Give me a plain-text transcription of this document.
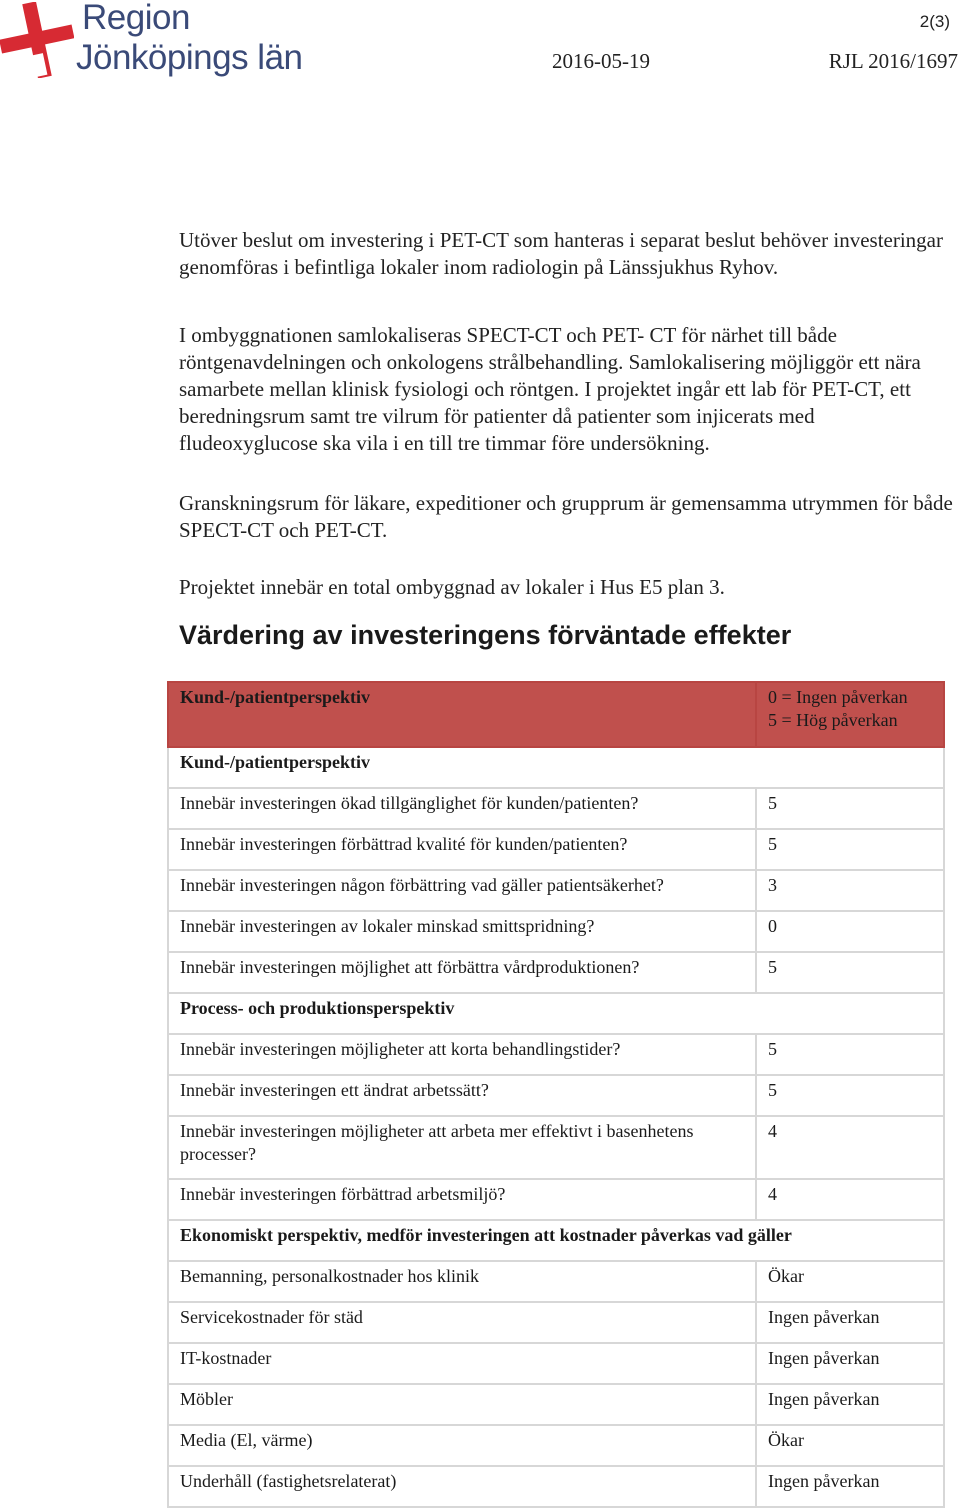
Region
Jönköpings län
2(3)
2016-05-19	RJL 2016/1697

Utöver beslut om investering i PET-CT som hanteras i separat beslut behöver investeringar genomföras i befintliga lokaler inom radiologin på Länssjukhus Ryhov.

I ombyggnationen samlokaliseras SPECT-CT och PET- CT för närhet till både röntgenavdelningen och onkologens strålbehandling. Samlokalisering möjliggör ett nära samarbete mellan klinisk fysiologi och röntgen. I projektet ingår ett lab för PET-CT, ett beredningsrum samt tre vilrum för patienter då patienter som injicerats med fludeoxyglucose ska vila i en till tre timmar före undersökning.

Granskningsrum för läkare, expeditioner och grupprum är gemensamma utrymmen för både SPECT-CT och PET-CT.

Projektet innebär en total ombyggnad av lokaler i Hus E5 plan 3.

Värdering av investeringens förväntade effekter
Kund-/patientperspektiv	0 = Ingen påverkan
5 = Hög påverkan

Kund-/patientperspektiv	
Innebär investeringen ökad tillgänglighet för kunden/patienten?	5
Innebär investeringen förbättrad kvalité för kunden/patienten?	5
Innebär investeringen någon förbättring vad gäller patientsäkerhet?	3
Innebär investeringen av lokaler minskad smittspridning?	0
Innebär investeringen möjlighet att förbättra vårdproduktionen?	5
Process- och produktionsperspektiv	
Innebär investeringen möjligheter att korta behandlingstider?	5
Innebär investeringen ett ändrat arbetssätt?	5
Innebär investeringen möjligheter att arbeta mer effektivt i basenhetens processer?	4
Innebär investeringen förbättrad arbetsmiljö?	4
Ekonomiskt perspektiv, medför investeringen att kostnader påverkas vad gäller	
Bemanning, personalkostnader hos klinik	Ökar
Servicekostnader för städ	Ingen påverkan
IT-kostnader	Ingen påverkan
Möbler	Ingen påverkan
Media (El, värme)	Ökar
Underhåll (fastighetsrelaterat)	Ingen påverkan
